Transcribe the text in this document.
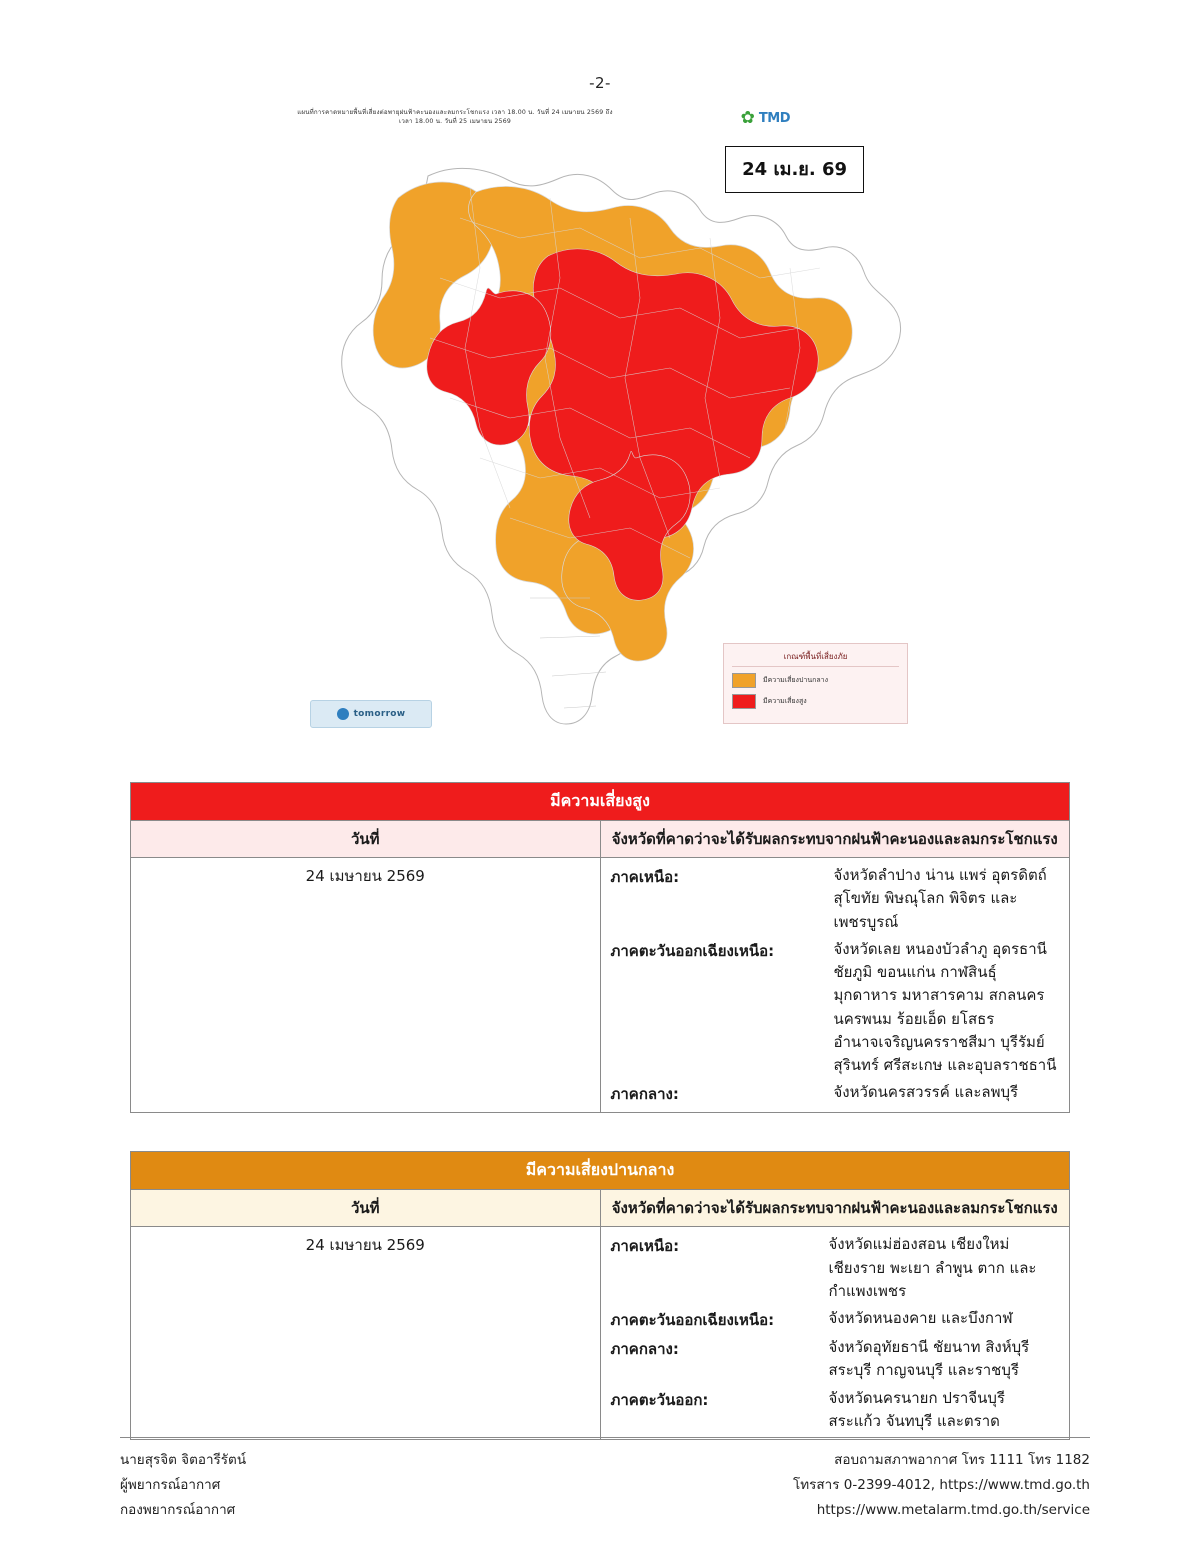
-2-
แผนที่การคาดหมายพื้นที่เสี่ยงต่อพายุฝนฟ้าคะนองและลมกระโชกแรง เวลา 18.00 น. วันที่ 24 เมษายน 2569 ถึง เวลา 18.00 น. วันที่ 25 เมษายน 2569	✿ TMD
24 เม.ย. 69
เกณฑ์พื้นที่เสี่ยงภัย
มีความเสี่ยงปานกลาง
มีความเสี่ยงสูง
tomorrow
มีความเสี่ยงสูง	
วันที่	จังหวัดที่คาดว่าจะได้รับผลกระทบจากฝนฟ้าคะนองและลมกระโชกแรง
24 เมษายน 2569	ภาคเหนือ:	จังหวัดลำปาง น่าน แพร่ อุตรดิตถ์ สุโขทัย พิษณุโลก พิจิตร และเพชรบูรณ์
ภาคตะวันออกเฉียงเหนือ:	จังหวัดเลย หนองบัวลำภู อุดรธานี ชัยภูมิ ขอนแก่น กาฬสินธุ์ มุกดาหาร มหาสารคาม สกลนคร นครพนม ร้อยเอ็ด ยโสธร อำนาจเจริญนครราชสีมา บุรีรัมย์ สุรินทร์ ศรีสะเกษ และอุบลราชธานี
ภาคกลาง:	จังหวัดนครสวรรค์ และลพบุรี
มีความเสี่ยงปานกลาง	
วันที่	จังหวัดที่คาดว่าจะได้รับผลกระทบจากฝนฟ้าคะนองและลมกระโชกแรง
24 เมษายน 2569	ภาคเหนือ:	จังหวัดแม่ฮ่องสอน เชียงใหม่ เชียงราย พะเยา ลำพูน ตาก และกำแพงเพชร
ภาคตะวันออกเฉียงเหนือ:	จังหวัดหนองคาย และบึงกาฬ
ภาคกลาง:	จังหวัดอุทัยธานี ชัยนาท สิงห์บุรี สระบุรี กาญจนบุรี และราชบุรี
ภาคตะวันออก:	จังหวัดนครนายก ปราจีนบุรี สระแก้ว จันทบุรี และตราด
นายสุรจิต จิตอารีรัตน์
ผู้พยากรณ์อากาศ
กองพยากรณ์อากาศ
สอบถามสภาพอากาศ โทร 1111 โทร 1182
โทรสาร 0-2399-4012, https://www.tmd.go.th
https://www.metalarm.tmd.go.th/service
